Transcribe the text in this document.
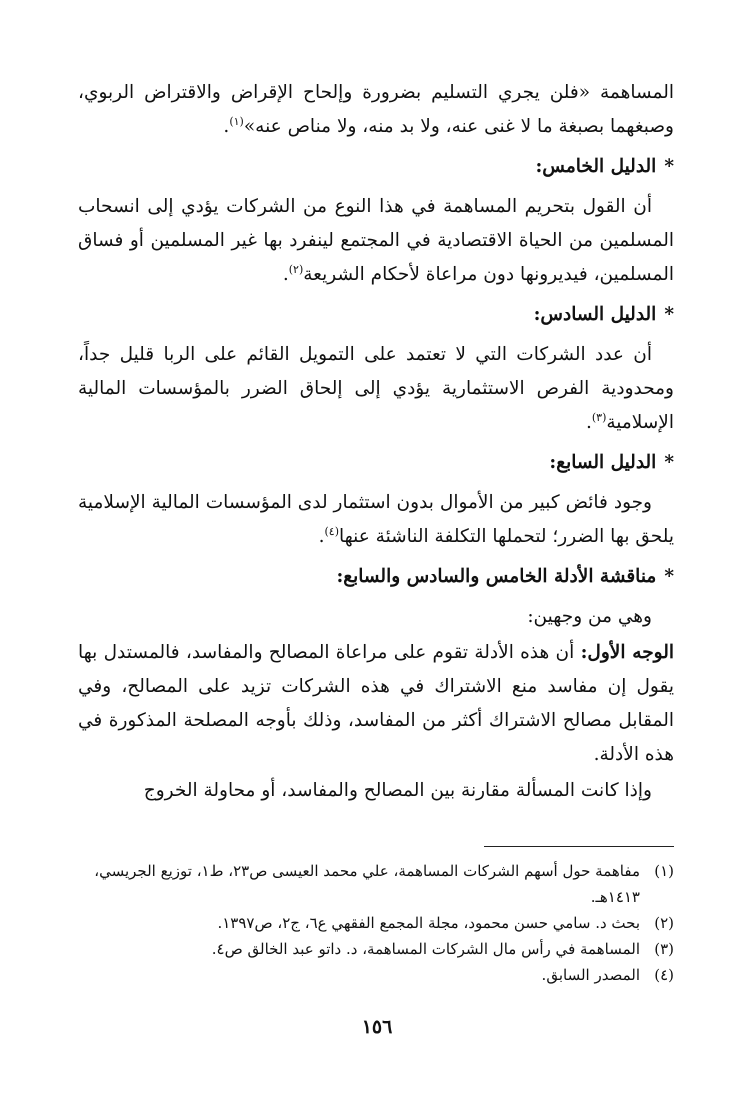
المساهمة «فلن يجري التسليم بضرورة وإلحاح الإقراض والاقتراض الربوي، وصبغهما بصبغة ما لا غنى عنه، ولا بد منه، ولا مناص عنه»$^{(١)}$.

*الدليل الخامس:

أن القول بتحريم المساهمة في هذا النوع من الشركات يؤدي إلى انسحاب المسلمين من الحياة الاقتصادية في المجتمع لينفرد بها غير المسلمين أو فساق المسلمين، فيديرونها دون مراعاة لأحكام الشريعة$^{(٢)}$.

*الدليل السادس:

أن عدد الشركات التي لا تعتمد على التمويل القائم على الربا قليل جداً، ومحدودية الفرص الاستثمارية يؤدي إلى إلحاق الضرر بالمؤسسات المالية الإسلامية$^{(٣)}$.

*الدليل السابع:

وجود فائض كبير من الأموال بدون استثمار لدى المؤسسات المالية الإسلامية يلحق بها الضرر؛ لتحملها التكلفة الناشئة عنها$^{(٤)}$.

*مناقشة الأدلة الخامس والسادس والسابع:

وهي من وجهين:

الوجه الأول: أن هذه الأدلة تقوم على مراعاة المصالح والمفاسد، فالمستدل بها يقول إن مفاسد منع الاشتراك في هذه الشركات تزيد على المصالح، وفي المقابل مصالح الاشتراك أكثر من المفاسد، وذلك بأوجه المصلحة المذكورة في هذه الأدلة.

وإذا كانت المسألة مقارنة بين المصالح والمفاسد، أو محاولة الخروج

(١)
مفاهمة حول أسهم الشركات المساهمة، علي محمد العيسى ص٢٣، ط١، توزيع الجريسي، ١٤١٣هـ.
(٢)
بحث د. سامي حسن محمود، مجلة المجمع الفقهي ع٦، ج٢، ص١٣٩٧.
(٣)
المساهمة في رأس مال الشركات المساهمة، د. داتو عبد الخالق ص٤.
(٤)
المصدر السابق.
١٥٦
